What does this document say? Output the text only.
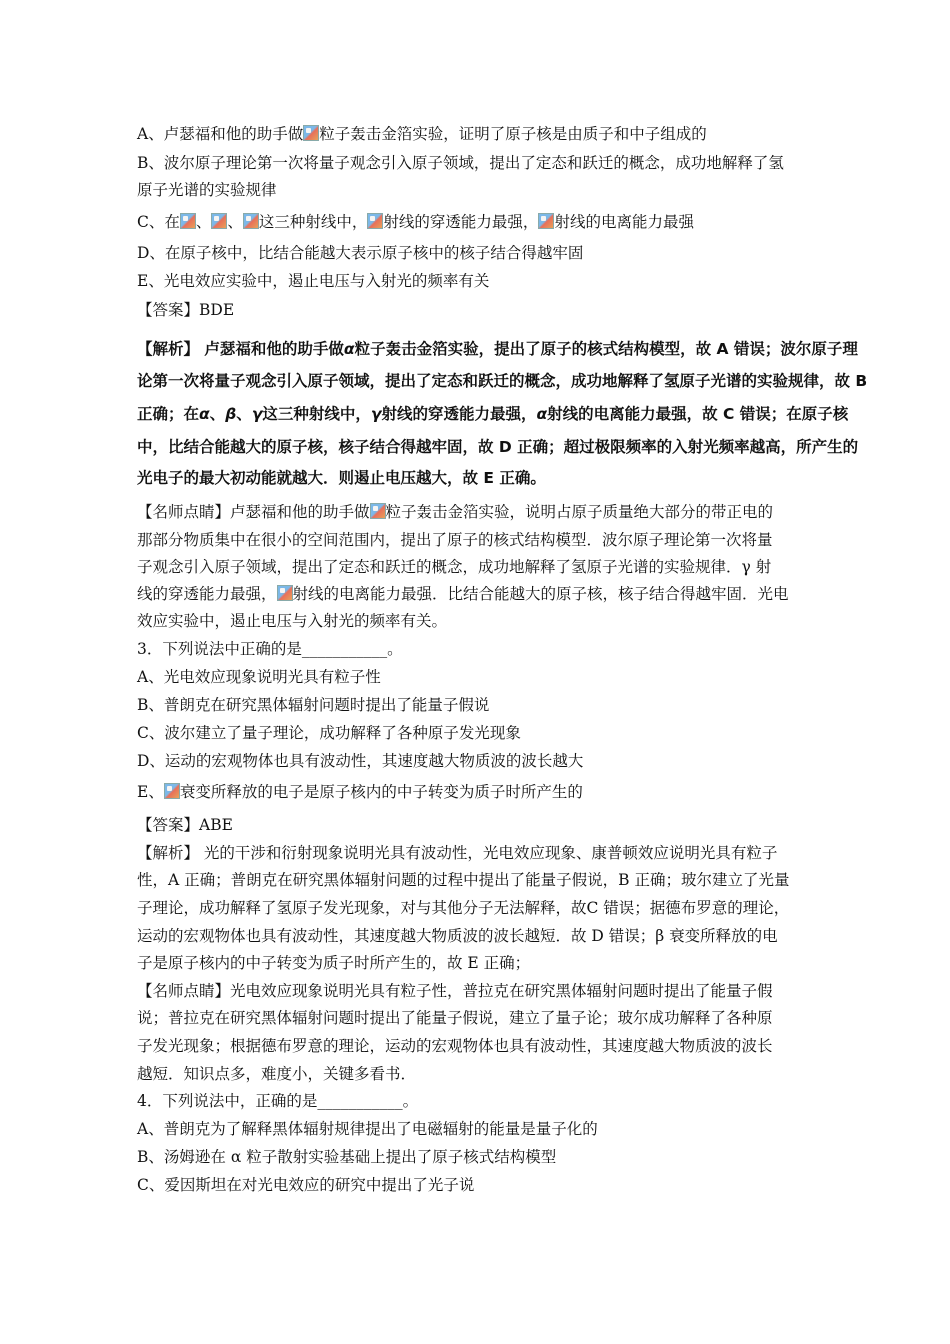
A、卢瑟福和他的助手做 粒子轰击金箔实验，证明了原子核是由质子和中子组成的
B、波尔原子理论第一次将量子观念引入原子领域，提出了定态和跃迁的概念，成功地解释了氢
原子光谱的实验规律
C、在 、 、 这三种射线中， 射线的穿透能力最强， 射线的电离能力最强
D、在原子核中，比结合能越大表示原子核中的核子结合得越牢固
E、光电效应实验中，遏止电压与入射光的频率有关
【答案】BDE
【解析】 卢瑟福和他的助手做α粒子轰击金箔实验，提出了原子的核式结构模型，故 A 错误；波尔原子理
论第一次将量子观念引入原子领域，提出了定态和跃迁的概念，成功地解释了氢原子光谱的实验规律，故 B
正确；在α、β、γ这三种射线中，γ射线的穿透能力最强，α射线的电离能力最强，故 C 错误；在原子核
中，比结合能越大的原子核，核子结合得越牢固，故 D 正确；超过极限频率的入射光频率越高，所产生的
光电子的最大初动能就越大．则遏止电压越大，故 E 正确。
【名师点睛】卢瑟福和他的助手做 粒子轰击金箔实验，说明占原子质量绝大部分的带正电的
那部分物质集中在很小的空间范围内，提出了原子的核式结构模型．波尔原子理论第一次将量
子观念引入原子领域，提出了定态和跃迁的概念，成功地解释了氢原子光谱的实验规律．γ 射
线的穿透能力最强， 射线的电离能力最强．比结合能越大的原子核，核子结合得越牢固．光电
效应实验中，遏止电压与入射光的频率有关。
3．下列说法中正确的是___________。
A、光电效应现象说明光具有粒子性
B、普朗克在研究黑体辐射问题时提出了能量子假说
C、波尔建立了量子理论，成功解释了各种原子发光现象
D、运动的宏观物体也具有波动性，其速度越大物质波的波长越大
E、 衰变所释放的电子是原子核内的中子转变为质子时所产生的
【答案】ABE
【解析】 光的干涉和衍射现象说明光具有波动性，光电效应现象、康普顿效应说明光具有粒子
性，A 正确；普朗克在研究黑体辐射问题的过程中提出了能量子假说，B 正确；玻尔建立了光量
子理论，成功解释了氢原子发光现象，对与其他分子无法解释，故C 错误；据德布罗意的理论，
运动的宏观物体也具有波动性，其速度越大物质波的波长越短．故 D 错误；β 衰变所释放的电
子是原子核内的中子转变为质子时所产生的，故 E 正确；
【名师点睛】光电效应现象说明光具有粒子性，普拉克在研究黑体辐射问题时提出了能量子假
说；普拉克在研究黑体辐射问题时提出了能量子假说，建立了量子论；玻尔成功解释了各种原
子发光现象；根据德布罗意的理论，运动的宏观物体也具有波动性，其速度越大物质波的波长
越短．知识点多，难度小，关键多看书．
4．下列说法中，正确的是___________。
A、普朗克为了解释黑体辐射规律提出了电磁辐射的能量是量子化的
B、汤姆逊在 α 粒子散射实验基础上提出了原子核式结构模型
C、爱因斯坦在对光电效应的研究中提出了光子说
